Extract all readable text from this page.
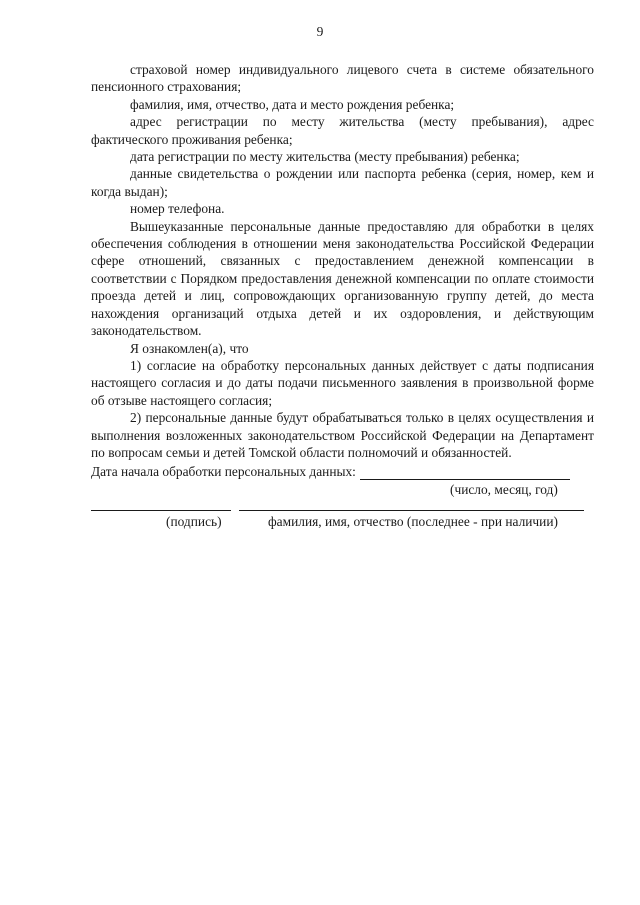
9

страховой номер индивидуального лицевого счета в системе обязательного пенсионного страхования;

фамилия, имя, отчество, дата и место рождения ребенка;

адрес регистрации по месту жительства (месту пребывания), адрес фактического проживания ребенка;

дата регистрации по месту жительства (месту пребывания) ребенка;

данные свидетельства о рождении или паспорта ребенка (серия, номер, кем и когда выдан);

номер телефона.

Вышеуказанные персональные данные предоставляю для обработки в целях обеспечения соблюдения в отношении меня законодательства Российской Федерации сфере отношений, связанных с предоставлением денежной компенсации в соответствии с Порядком предоставления денежной компенсации по оплате стоимости проезда детей и лиц, сопровождающих организованную группу детей, до места нахождения организаций отдыха детей и их оздоровления, и действующим законодательством.

Я ознакомлен(а), что

1) согласие на обработку персональных данных действует с даты подписания настоящего согласия и до даты подачи письменного заявления в произвольной форме об отзыве настоящего согласия;

2) персональные данные будут обрабатываться только в целях осуществления и выполнения возложенных законодательством Российской Федерации на Департамент по вопросам семьи и детей Томской области полномочий и обязанностей.

Дата начала обработки персональных данных:
(число, месяц, год)
(подпись)	фамилия, имя, отчество (последнее - при наличии)
